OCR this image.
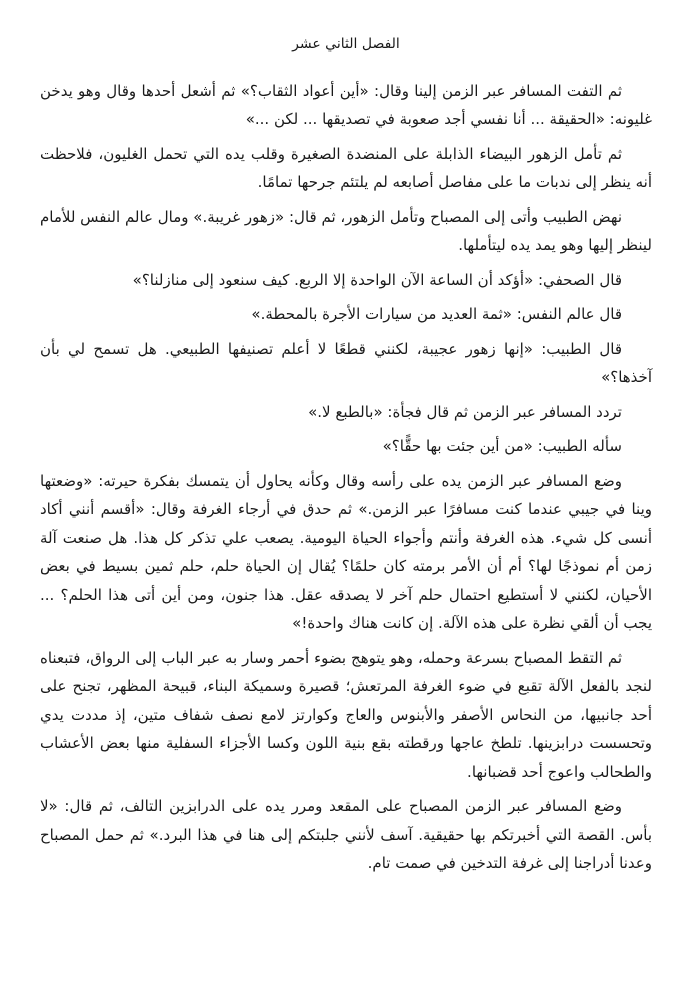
الفصل الثاني عشر

ثم التفت المسافر عبر الزمن إلينا وقال: «أين أعواد الثقاب؟» ثم أشعل أحدها وقال وهو يدخن غليونه: «الحقيقة ... أنا نفسي أجد صعوبة في تصديقها ... لكن ...»

ثم تأمل الزهور البيضاء الذابلة على المنضدة الصغيرة وقلب يده التي تحمل الغليون، فلاحظت أنه ينظر إلى ندبات ما على مفاصل أصابعه لم يلتئم جرحها تمامًا.

نهض الطبيب وأتى إلى المصباح وتأمل الزهور، ثم قال: «زهور غريبة.» ومال عالم النفس للأمام لينظر إليها وهو يمد يده ليتأملها.

قال الصحفي: «أؤكد أن الساعة الآن الواحدة إلا الربع. كيف سنعود إلى منازلنا؟»

قال عالم النفس: «ثمة العديد من سيارات الأجرة بالمحطة.»

قال الطبيب: «إنها زهور عجيبة، لكنني قطعًا لا أعلم تصنيفها الطبيعي. هل تسمح لي بأن آخذها؟»

تردد المسافر عبر الزمن ثم قال فجأة: «بالطبع لا.»

سأله الطبيب: «من أين جئت بها حقًّا؟»

وضع المسافر عبر الزمن يده على رأسه وقال وكأنه يحاول أن يتمسك بفكرة حيرته: «وضعتها وينا في جيبي عندما كنت مسافرًا عبر الزمن.» ثم حدق في أرجاء الغرفة وقال: «أقسم أنني أكاد أنسى كل شيء. هذه الغرفة وأنتم وأجواء الحياة اليومية. يصعب علي تذكر كل هذا. هل صنعت آلة زمن أم نموذجًا لها؟ أم أن الأمر برمته كان حلمًا؟ يُقال إن الحياة حلم، حلم ثمين بسيط في بعض الأحيان، لكنني لا أستطيع احتمال حلم آخر لا يصدقه عقل. هذا جنون، ومن أين أتى هذا الحلم؟ ... يجب أن ألقي نظرة على هذه الآلة. إن كانت هناك واحدة!»

ثم التقط المصباح بسرعة وحمله، وهو يتوهج بضوء أحمر وسار به عبر الباب إلى الرواق، فتبعناه لنجد بالفعل الآلة تقبع في ضوء الغرفة المرتعش؛ قصيرة وسميكة البناء، قبيحة المظهر، تجنح على أحد جانبيها، من النحاس الأصفر والأبنوس والعاج وكوارتز لامع نصف شفاف متين، إذ مددت يدي وتحسست درابزينها. تلطخ عاجها ورقطته بقع بنية اللون وكسا الأجزاء السفلية منها بعض الأعشاب والطحالب واعوج أحد قضبانها.

وضع المسافر عبر الزمن المصباح على المقعد ومرر يده على الدرابزين التالف، ثم قال: «لا بأس. القصة التي أخبرتكم بها حقيقية. آسف لأنني جلبتكم إلى هنا في هذا البرد.» ثم حمل المصباح وعدنا أدراجنا إلى غرفة التدخين في صمت تام.
